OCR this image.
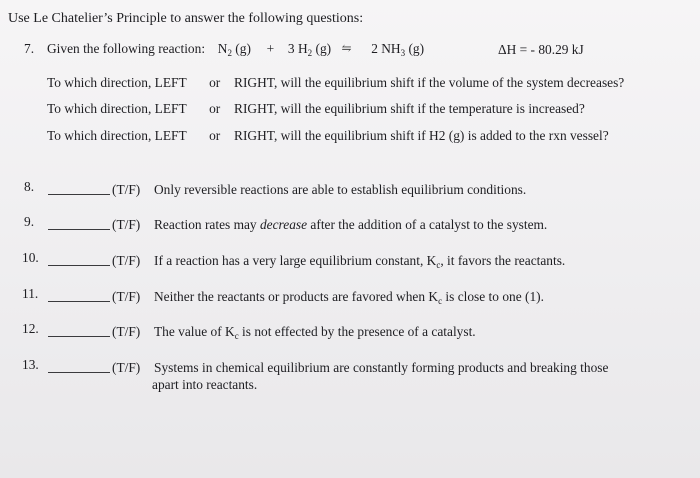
Use Le Chatelier’s Principle to answer the following questions:
7. Given the following reaction: $N_2$ (g) + 3 $H_2$ (g) ⇋ 2 $NH_3$ (g)	ΔH = - 80.29 kJ
To which direction, LEFT or RIGHT, will the equilibrium shift if the volume of the system decreases?
To which direction, LEFT or RIGHT, will the equilibrium shift if the temperature is increased?
To which direction, LEFT or RIGHT, will the equilibrium shift if H2 (g) is added to the rxn vessel?
8.	(T/F) Only reversible reactions are able to establish equilibrium conditions.
9.	(T/F) Reaction rates may decrease after the addition of a catalyst to the system.
10.	(T/F) If a reaction has a very large equilibrium constant, $K_c$, it favors the reactants.
11.	(T/F) Neither the reactants or products are favored when $K_c$ is close to one (1).
12.	(T/F) The value of $K_c$ is not effected by the presence of a catalyst.
13.	(T/F) Systems in chemical equilibrium are constantly forming products and breaking those
apart into reactants.
